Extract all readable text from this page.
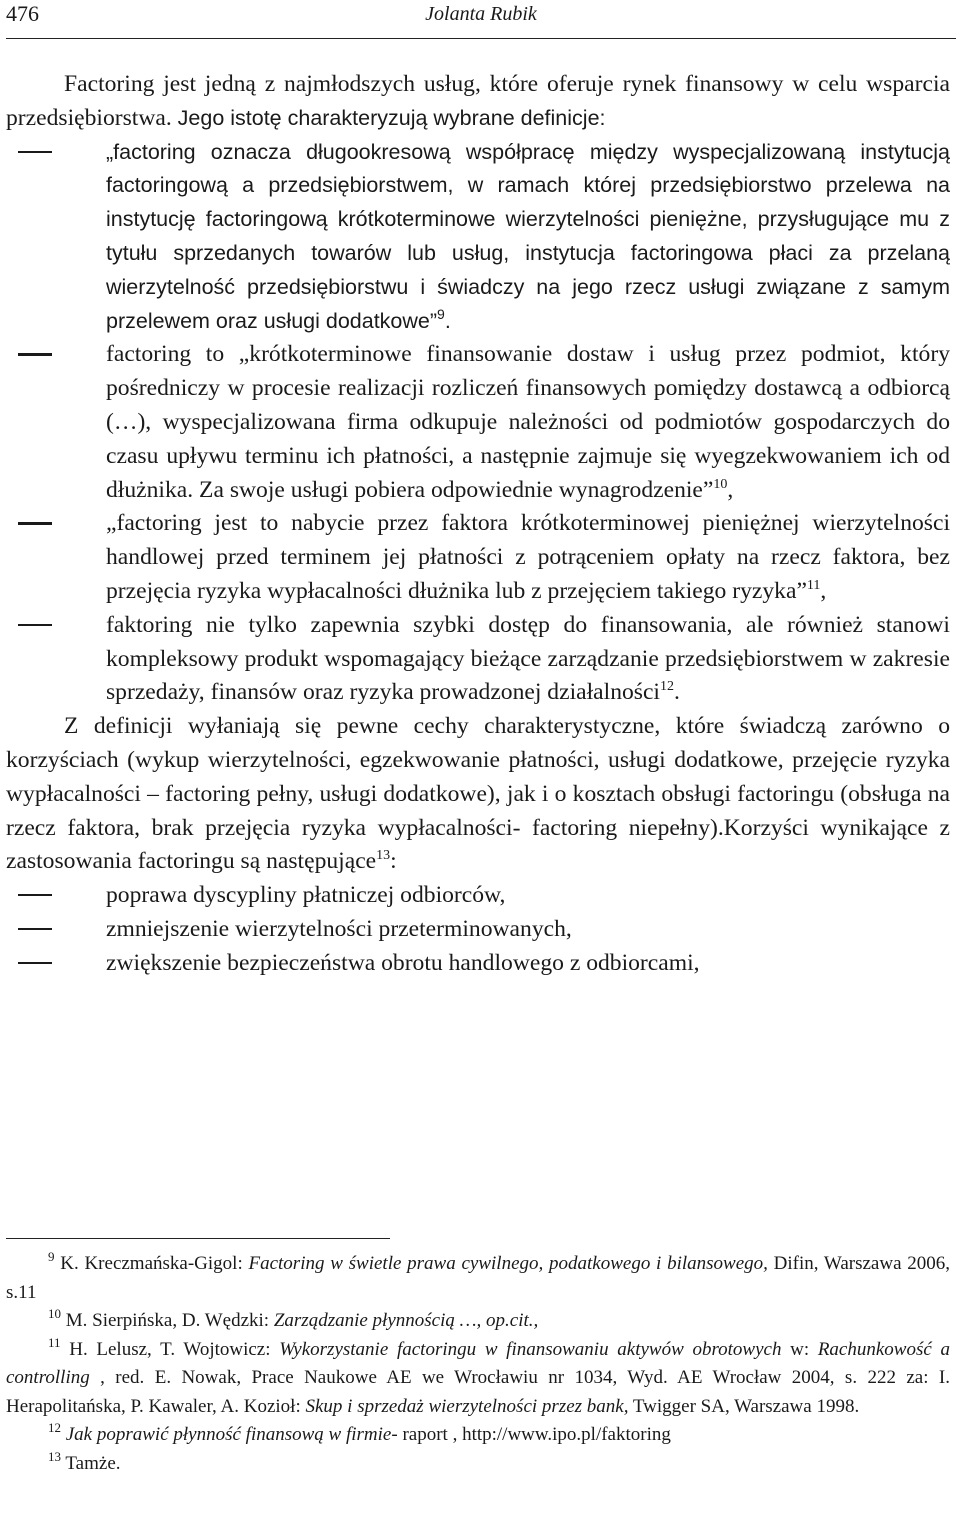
476	Jolanta Rubik

Factoring jest jedną z najmłodszych usług, które oferuje rynek finansowy w celu wsparcia przedsiębiorstwa. Jego istotę charakteryzują wybrane definicje:

„factoring oznacza długookresową współpracę między wyspecjalizowaną instytucją factoringową a przedsiębiorstwem, w ramach której przedsiębiorstwo przelewa na instytucję factoringową krótkoterminowe wierzytelności pieniężne, przysługujące mu z tytułu sprzedanych towarów lub usług, instytucja factoringowa płaci za przelaną wierzytelność przedsiębiorstwu i świadczy na jego rzecz usługi związane z samym przelewem oraz usługi dodatkowe”$^9$.

factoring to „krótkoterminowe finansowanie dostaw i usług przez podmiot, który pośredniczy w procesie realizacji rozliczeń finansowych pomiędzy dostawcą a odbiorcą (…), wyspecjalizowana firma odkupuje należności od podmiotów gospodarczych do czasu upływu terminu ich płatności, a następnie zajmuje się wyegzekwowaniem ich od dłużnika. Za swoje usługi pobiera odpowiednie wynagrodzenie”$^{10}$,

„factoring jest to nabycie przez faktora krótkoterminowej pieniężnej wierzytelności handlowej przed terminem jej płatności z potrąceniem opłaty na rzecz faktora, bez przejęcia ryzyka wypłacalności dłużnika lub z przejęciem takiego ryzyka”$^{11}$,

faktoring nie tylko zapewnia szybki dostęp do finansowania, ale również stanowi kompleksowy produkt wspomagający bieżące zarządzanie przedsiębiorstwem w zakresie sprzedaży, finansów oraz ryzyka prowadzonej działalności$^{12}$.

Z definicji wyłaniają się pewne cechy charakterystyczne, które świadczą zarówno o korzyściach (wykup wierzytelności, egzekwowanie płatności, usługi dodatkowe, przejęcie ryzyka wypłacalności – factoring pełny, usługi dodatkowe), jak i o kosztach obsługi factoringu (obsługa na rzecz faktora, brak przejęcia ryzyka wypłacalności- factoring niepełny).Korzyści wynikające z zastosowania factoringu są następujące$^{13}$:

poprawa dyscypliny płatniczej odbiorców,

zmniejszenie wierzytelności przeterminowanych,

zwiększenie bezpieczeństwa obrotu handlowego z odbiorcami,

$^9$ K. Kreczmańska-Gigol: Factoring w świetle prawa cywilnego, podatkowego i bilansowego, Difin, Warszawa 2006, s.11

$^{10}$ M. Sierpińska, D. Wędzki: Zarządzanie płynnością …, op.cit.,

$^{11}$ H. Lelusz, T. Wojtowicz: Wykorzystanie factoringu w finansowaniu aktywów obrotowych w: Rachunkowość a controlling , red. E. Nowak, Prace Naukowe AE we Wrocławiu nr 1034, Wyd. AE Wrocław 2004, s. 222 za: I. Herapolitańska, P. Kawaler, A. Kozioł: Skup i sprzedaż wierzytelności przez bank, Twigger SA, Warszawa 1998.

$^{12}$ Jak poprawić płynność finansową w firmie- raport , http://www.ipo.pl/faktoring

$^{13}$ Tamże.
